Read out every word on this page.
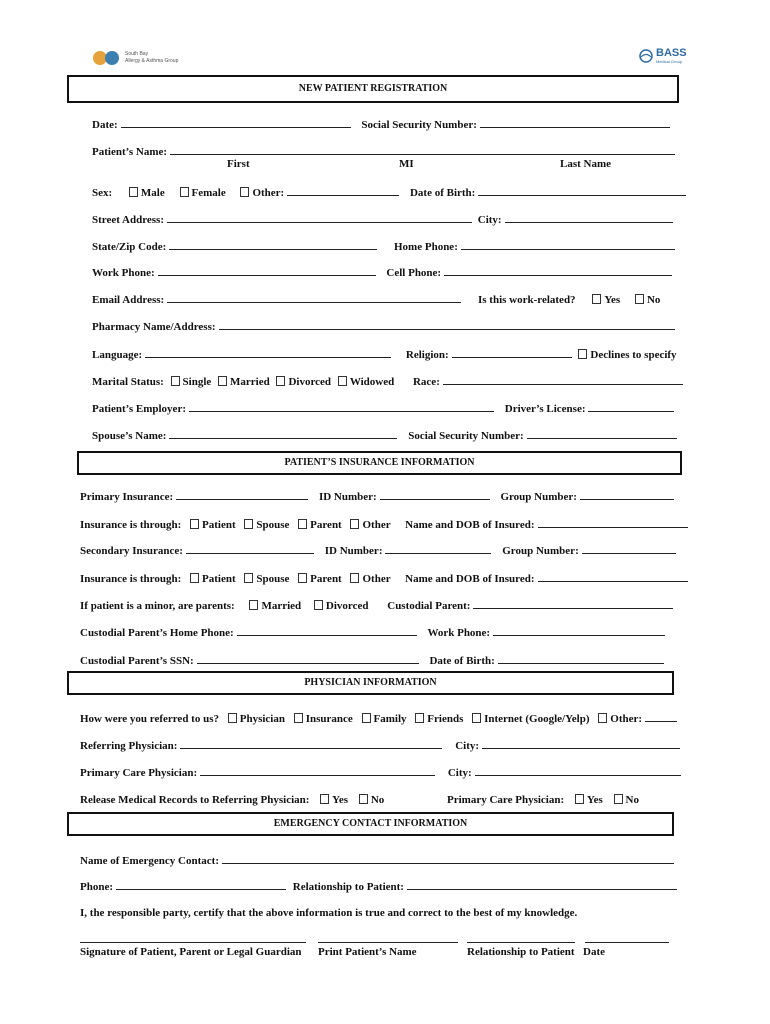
South Bay
Allergy & Asthma Group
BASS
Medical Group
NEW PATIENT REGISTRATION
Date:	Social Security Number:
Patient’s Name:
First	MI	Last Name
Sex:	Male Female Other:	Date of Birth:
Street Address:	City:
State/Zip Code:	Home Phone:
Work Phone:	Cell Phone:
Email Address:	Is this work-related?	Yes No
Pharmacy Name/Address:
Language:	Religion:	Declines to specify
Marital Status: Single Married Divorced Widowed Race:
Patient’s Employer:	Driver’s License:
Spouse’s Name:	Social Security Number:
PATIENT’S INSURANCE INFORMATION
Primary Insurance:	ID Number:	Group Number:
Insurance is through: Patient Spouse Parent Other Name and DOB of Insured:
Secondary Insurance:	ID Number:	Group Number:
Insurance is through: Patient Spouse Parent Other Name and DOB of Insured:
If patient is a minor, are parents: Married Divorced Custodial Parent:
Custodial Parent’s Home Phone:	Work Phone:
Custodial Parent’s SSN:	Date of Birth:
PHYSICIAN INFORMATION
How were you referred to us? Physician Insurance Family Friends Internet (Google/Yelp) Other:
Referring Physician:	City:
Primary Care Physician:	City:
Release Medical Records to Referring Physician: Yes No	Primary Care Physician: Yes No
EMERGENCY CONTACT INFORMATION
Name of Emergency Contact:
Phone:	Relationship to Patient:
I, the responsible party, certify that the above information is true and correct to the best of my knowledge.
Signature of Patient, Parent or Legal Guardian Print Patient’s Name	Relationship to Patient Date
